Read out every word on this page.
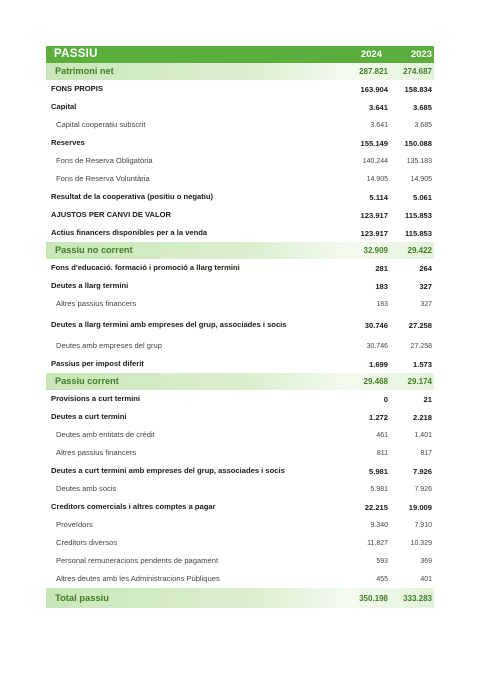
PASSIU	2024	2023
Patrimoni net	287.821	274.687
FONS PROPIS	163.904	158.834
Capital	3.641	3.685
Capital cooperatiu subscrit	3.641	3.685
Reserves	155.149	150.088
Fons de Reserva Obligatòria	140.244	135.183
Fons de Reserva Voluntària	14.905	14.905
Resultat de la cooperativa (positiu o negatiu)	5.114	5.061
AJUSTOS PER CANVI DE VALOR	123.917	115.853
Actius financers disponibles per a la venda	123.917	115.853
Passiu no corrent	32.909	29.422
Fons d'educació. formació i promoció a llarg termini	281	264
Deutes a llarg termini	183	327
Altres passius financers	183	327
Deutes a llarg termini amb empreses del grup, associades i socis	30.746	27.258
Deutes amb empreses del grup	30.746	27.258
Passius per impost diferit	1.699	1.573
Passiu corrent	29.468	29.174
Provisions a curt termini	0	21
Deutes a curt termini	1.272	2.218
Deutes amb entitats de crèdit	461	1.401
Altres passius financers	811	817
Deutes a curt termini amb empreses del grup, associades i socis	5.981	7.926
Deutes amb socis	5.981	7.926
Creditors comercials i altres comptes a pagar	22.215	19.009
Proveïdors	9.340	7.910
Creditors diversos	11.827	10.329
Personal remuneracions pendents de pagament	593	369
Altres deutes amb les Administracions Públiques	455	401
Total passiu	350.198	333.283
